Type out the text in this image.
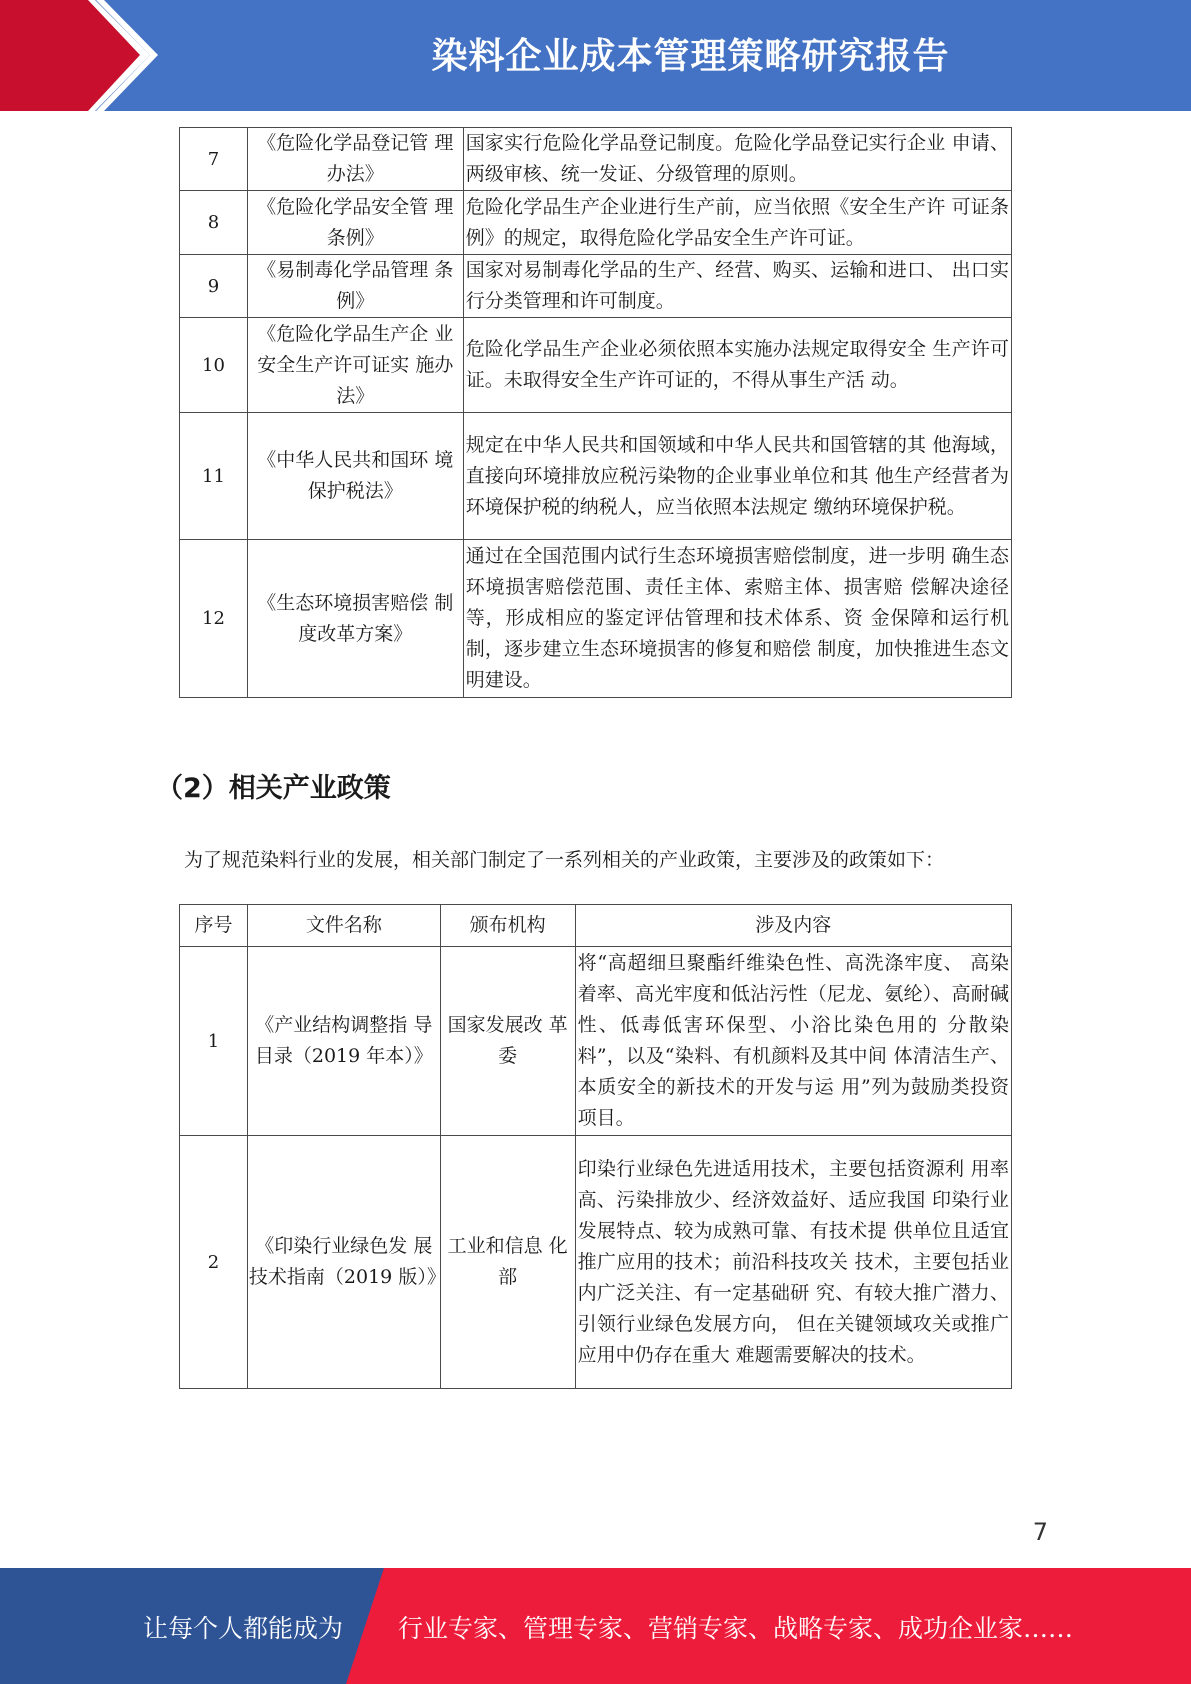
染料企业成本管理策略研究报告
7	《危险化学品登记管 理办法》	国家实行危险化学品登记制度。危险化学品登记实行企业 申请、两级审核、统一发证、分级管理的原则。
8	《危险化学品安全管 理条例》	危险化学品生产企业进行生产前，应当依照《安全生产许 可证条例》的规定，取得危险化学品安全生产许可证。
9	《易制毒化学品管理 条例》	国家对易制毒化学品的生产、经营、购买、运输和进口、 出口实行分类管理和许可制度。
10	《危险化学品生产企 业安全生产许可证实 施办法》	危险化学品生产企业必须依照本实施办法规定取得安全 生产许可证。未取得安全生产许可证的，不得从事生产活 动。
11	《中华人民共和国环 境保护税法》	规定在中华人民共和国领域和中华人民共和国管辖的其 他海域，直接向环境排放应税污染物的企业事业单位和其 他生产经营者为环境保护税的纳税人，应当依照本法规定 缴纳环境保护税。
12	《生态环境损害赔偿 制度改革方案》	通过在全国范围内试行生态环境损害赔偿制度，进一步明 确生态环境损害赔偿范围、责任主体、索赔主体、损害赔 偿解决途径等，形成相应的鉴定评估管理和技术体系、资 金保障和运行机制，逐步建立生态环境损害的修复和赔偿 制度，加快推进生态文明建设。
（2）相关产业政策
为了规范染料行业的发展，相关部门制定了一系列相关的产业政策，主要涉及的政策如下：
序号	文件名称	颁布机构	涉及内容
1	《产业结构调整指 导目录（2019 年本）》	国家发展改 革委	将“高超细旦聚酯纤维染色性、高洗涤牢度、 高染着率、高光牢度和低沾污性（尼龙、氨纶）、高耐碱性、低毒低害环保型、小浴比染色用的 分散染料”，以及“染料、有机颜料及其中间 体清洁生产、本质安全的新技术的开发与运 用”列为鼓励类投资项目。
2	《印染行业绿色发 展技术指南（2019 版）》	工业和信息 化部	印染行业绿色先进适用技术，主要包括资源利 用率高、污染排放少、经济效益好、适应我国 印染行业发展特点、较为成熟可靠、有技术提 供单位且适宜推广应用的技术；前沿科技攻关 技术，主要包括业内广泛关注、有一定基础研 究、有较大推广潜力、引领行业绿色发展方向， 但在关键领域攻关或推广应用中仍存在重大 难题需要解决的技术。
7
让每个人都能成为 行业专家、管理专家、营销专家、战略专家、成功企业家……
